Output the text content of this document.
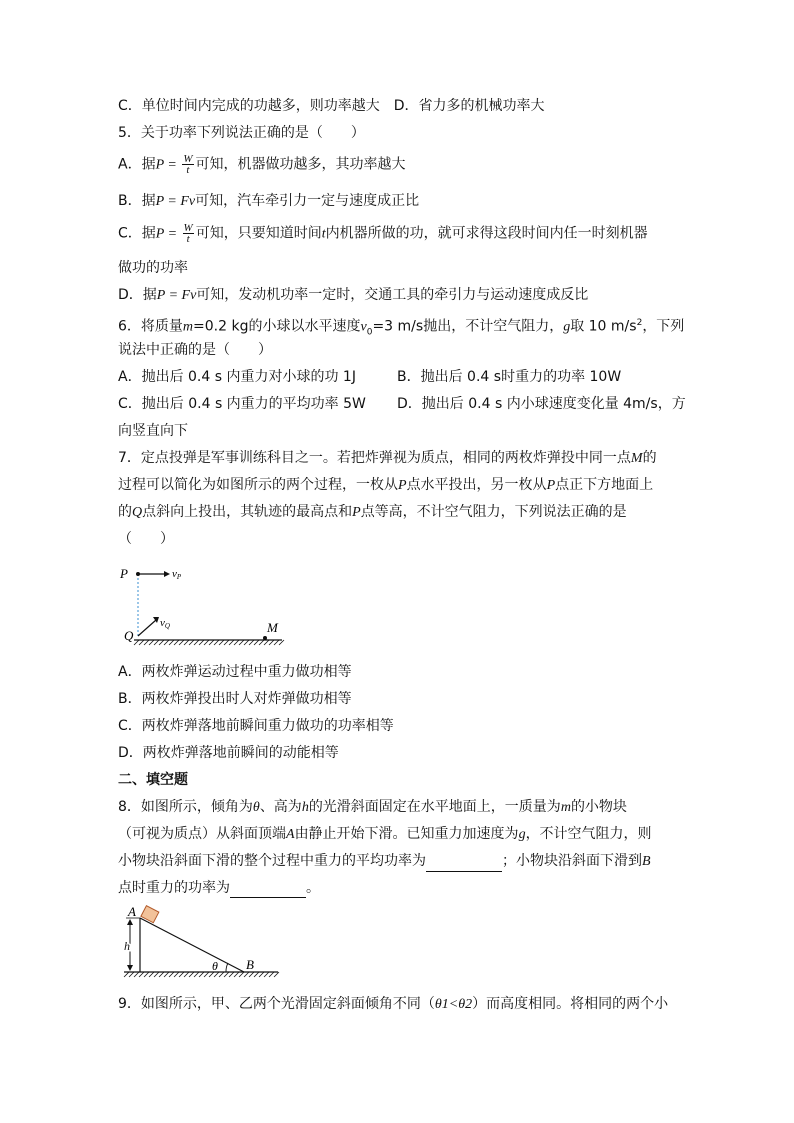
C．单位时间内完成的功越多，则功率越大　D．省力多的机械功率大
5．关于功率下列说法正确的是（　　）
A．据$P = \frac{W}{t}$ 可知，机器做功越多，其功率越大
B．据P = Fv可知，汽车牵引力一定与速度成正比
C．据$P = \frac{W}{t}$ 可知，只要知道时间t内机器所做的功，就可求得这段时间内任一时刻机器
做功的功率
D．据P = Fv可知，发动机功率一定时，交通工具的牵引力与运动速度成反比
6．将质量m=0.2 kg的小球以水平速度$v_0=3$ m/s抛出，不计空气阻力，g取 10 $m/s^2$，下列
说法中正确的是（　　）
A．抛出后 0.4 s 内重力对小球的功 1J	B．抛出后 0.4 s时重力的功率 10W
C．抛出后 0.4 s 内重力的平均功率 5W D．抛出后 0.4 s 内小球速度变化量 4m/s，方
向竖直向下
7．定点投弹是军事训练科目之一。若把炸弹视为质点，相同的两枚炸弹投中同一点M的
过程可以简化为如图所示的两个过程，一枚从P点水平投出，另一枚从P点正下方地面上
的Q点斜向上投出，其轨迹的最高点和P点等高，不计空气阻力，下列说法正确的是
（　　）
P	vP
vQ
Q
M
A．两枚炸弹运动过程中重力做功相等
B．两枚炸弹投出时人对炸弹做功相等
C．两枚炸弹落地前瞬间重力做功的功率相等
D．两枚炸弹落地前瞬间的动能相等
二、填空题
8．如图所示，倾角为θ、高为h的光滑斜面固定在水平地面上，一质量为m的小物块
（可视为质点）从斜面顶端A由静止开始下滑。已知重力加速度为g，不计空气阻力，则
小物块沿斜面下滑的整个过程中重力的平均功率为	；小物块沿斜面下滑到B
点时重力的功率为	。
A
h
θ B
9．如图所示，甲、乙两个光滑固定斜面倾角不同（θ1<θ2）而高度相同。将相同的两个小
